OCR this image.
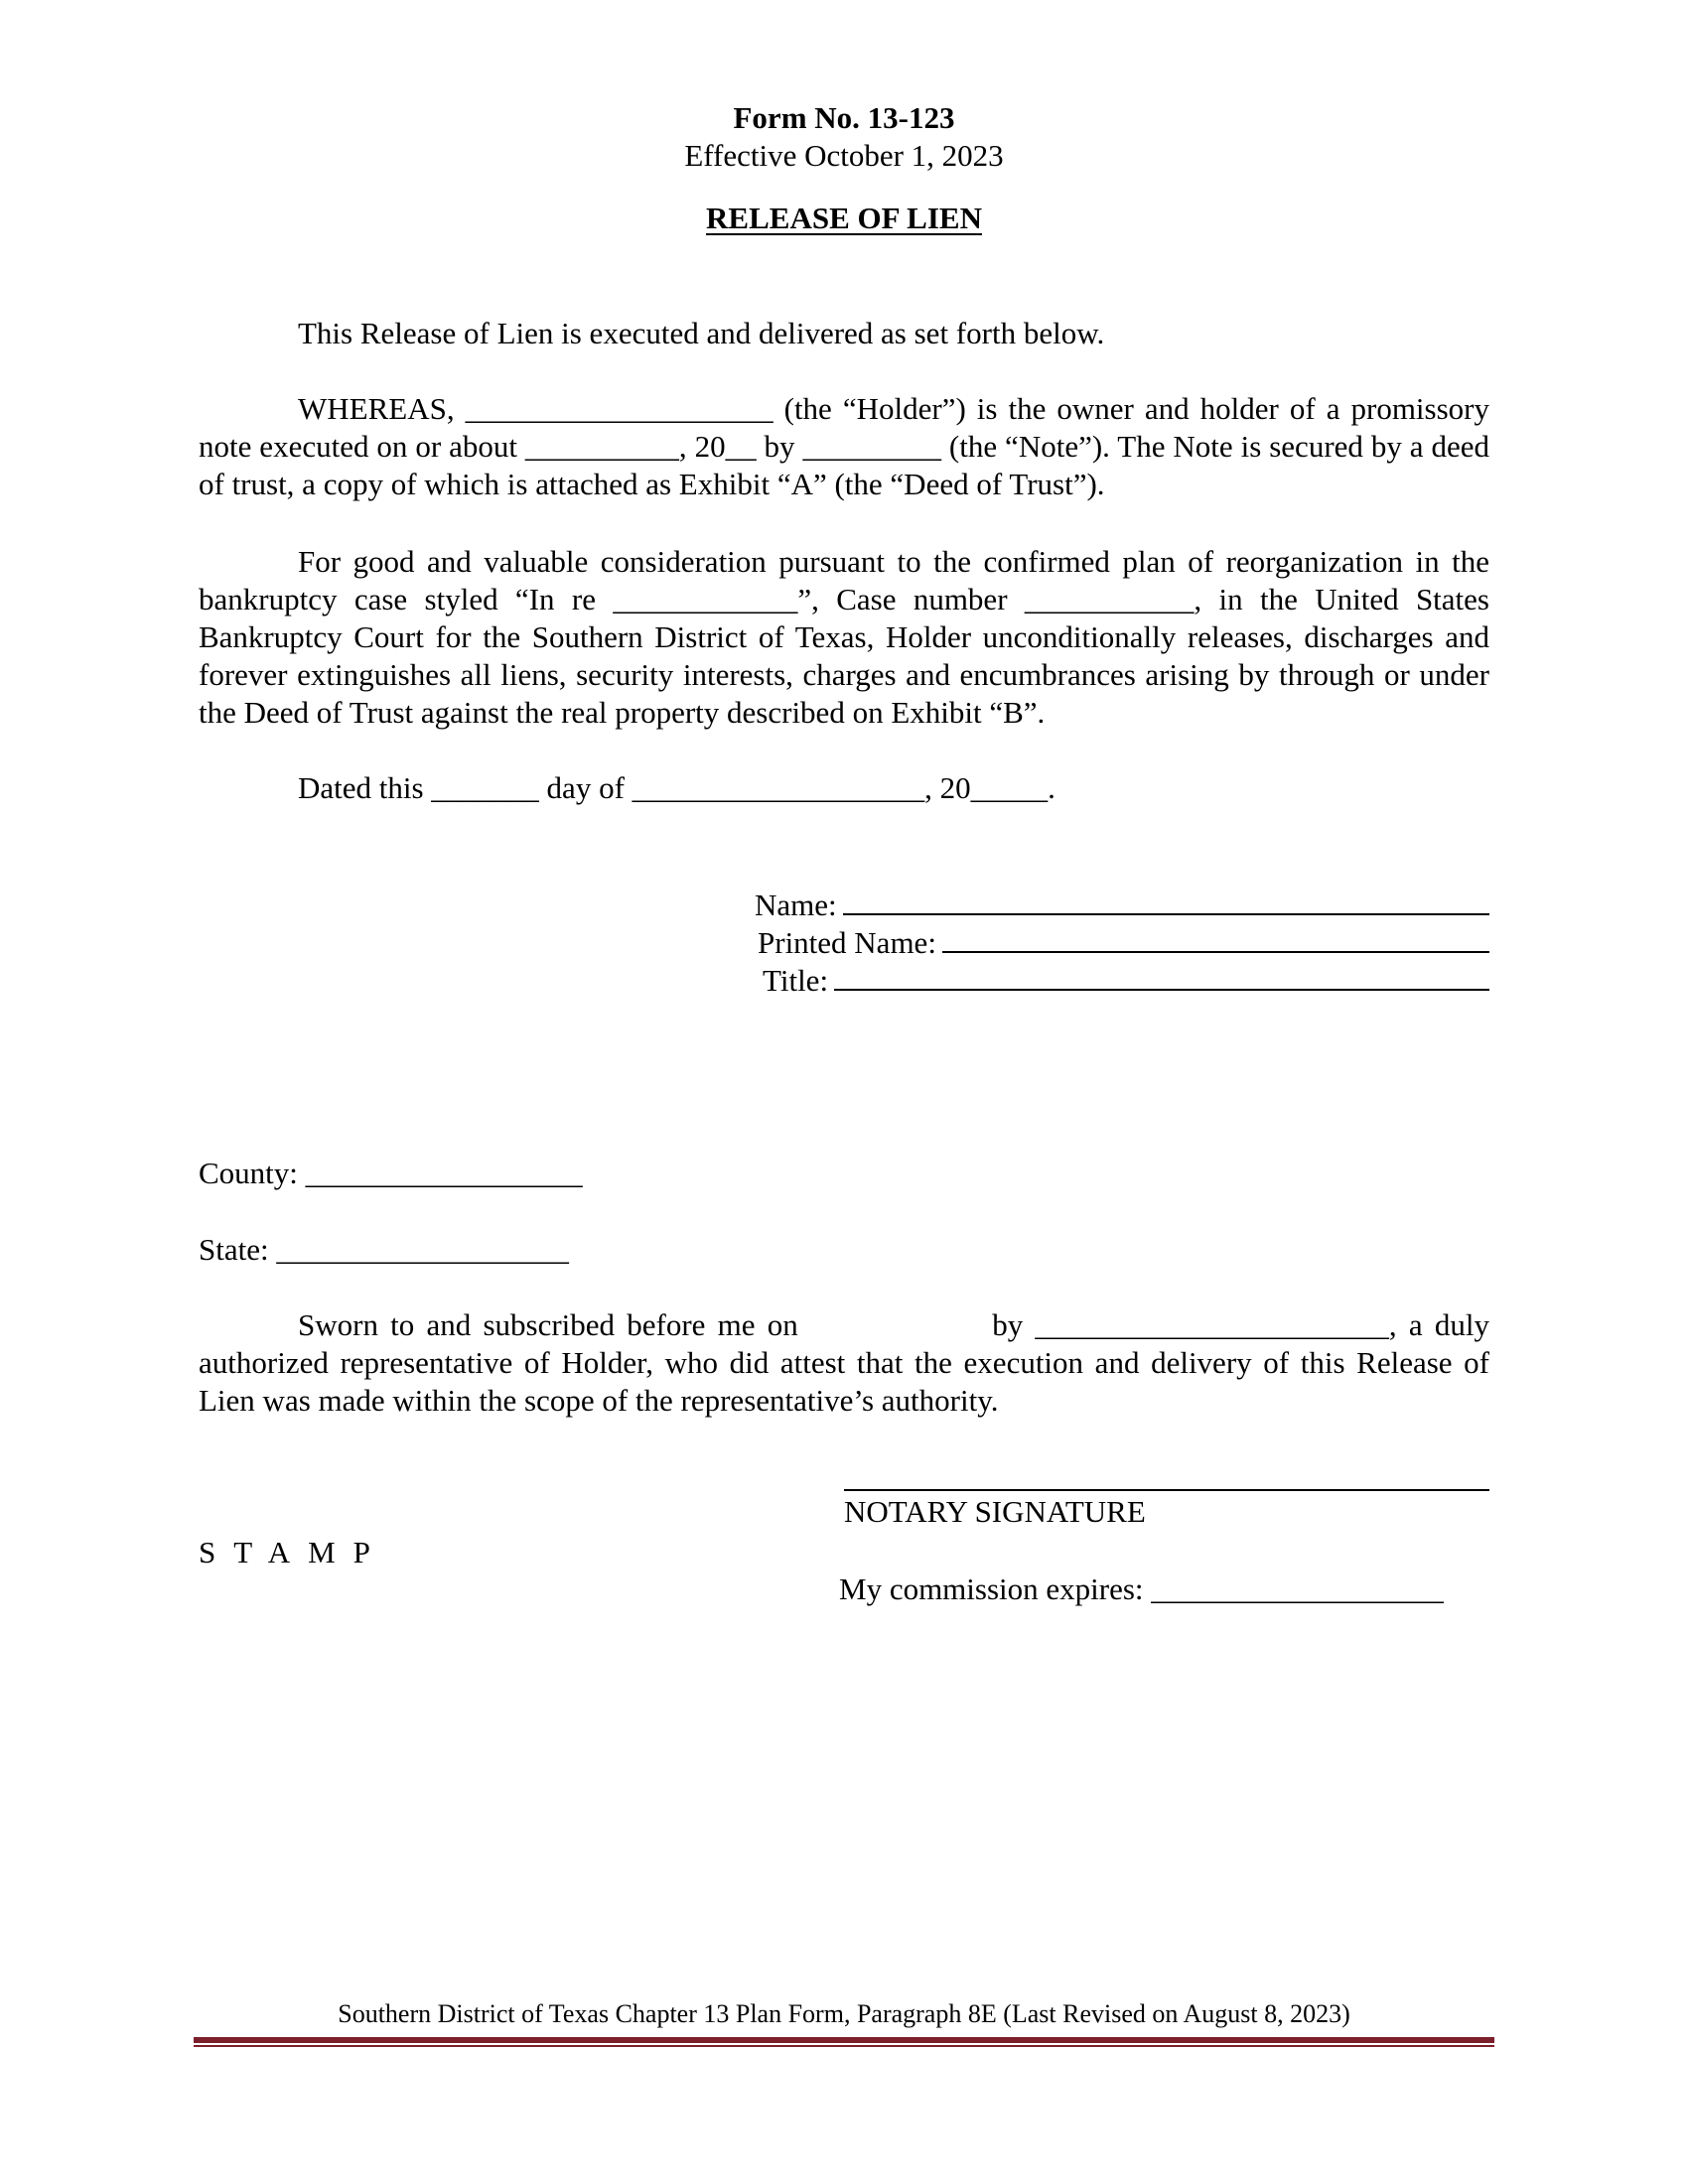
Form No. 13-123
Effective October 1, 2023
RELEASE OF LIEN
This Release of Lien is executed and delivered as set forth below.
WHEREAS, ____________________ (the “Holder”) is the owner and holder of a promissory note executed on or about __________, 20__ by _________ (the “Note”). The Note is secured by a deed of trust, a copy of which is attached as Exhibit “A” (the “Deed of Trust”).
For good and valuable consideration pursuant to the confirmed plan of reorganization in the bankruptcy case styled “In re ____________”, Case number ___________, in the United States Bankruptcy Court for the Southern District of Texas, Holder unconditionally releases, discharges and forever extinguishes all liens, security interests, charges and encumbrances arising by through or under the Deed of Trust against the real property described on Exhibit “B”.
Dated this _______ day of ___________________, 20_____.
Name:
Printed Name:
Title:
County: __________________
State: ___________________
Sworn to and subscribed before me on                by _______________________, a duly authorized representative of Holder, who did attest that the execution and delivery of this Release of Lien was made within the scope of the representative’s authority.
NOTARY SIGNATURE
STAMP
My commission expires: ___________________
Southern District of Texas Chapter 13 Plan Form, Paragraph 8E (Last Revised on August 8, 2023)
